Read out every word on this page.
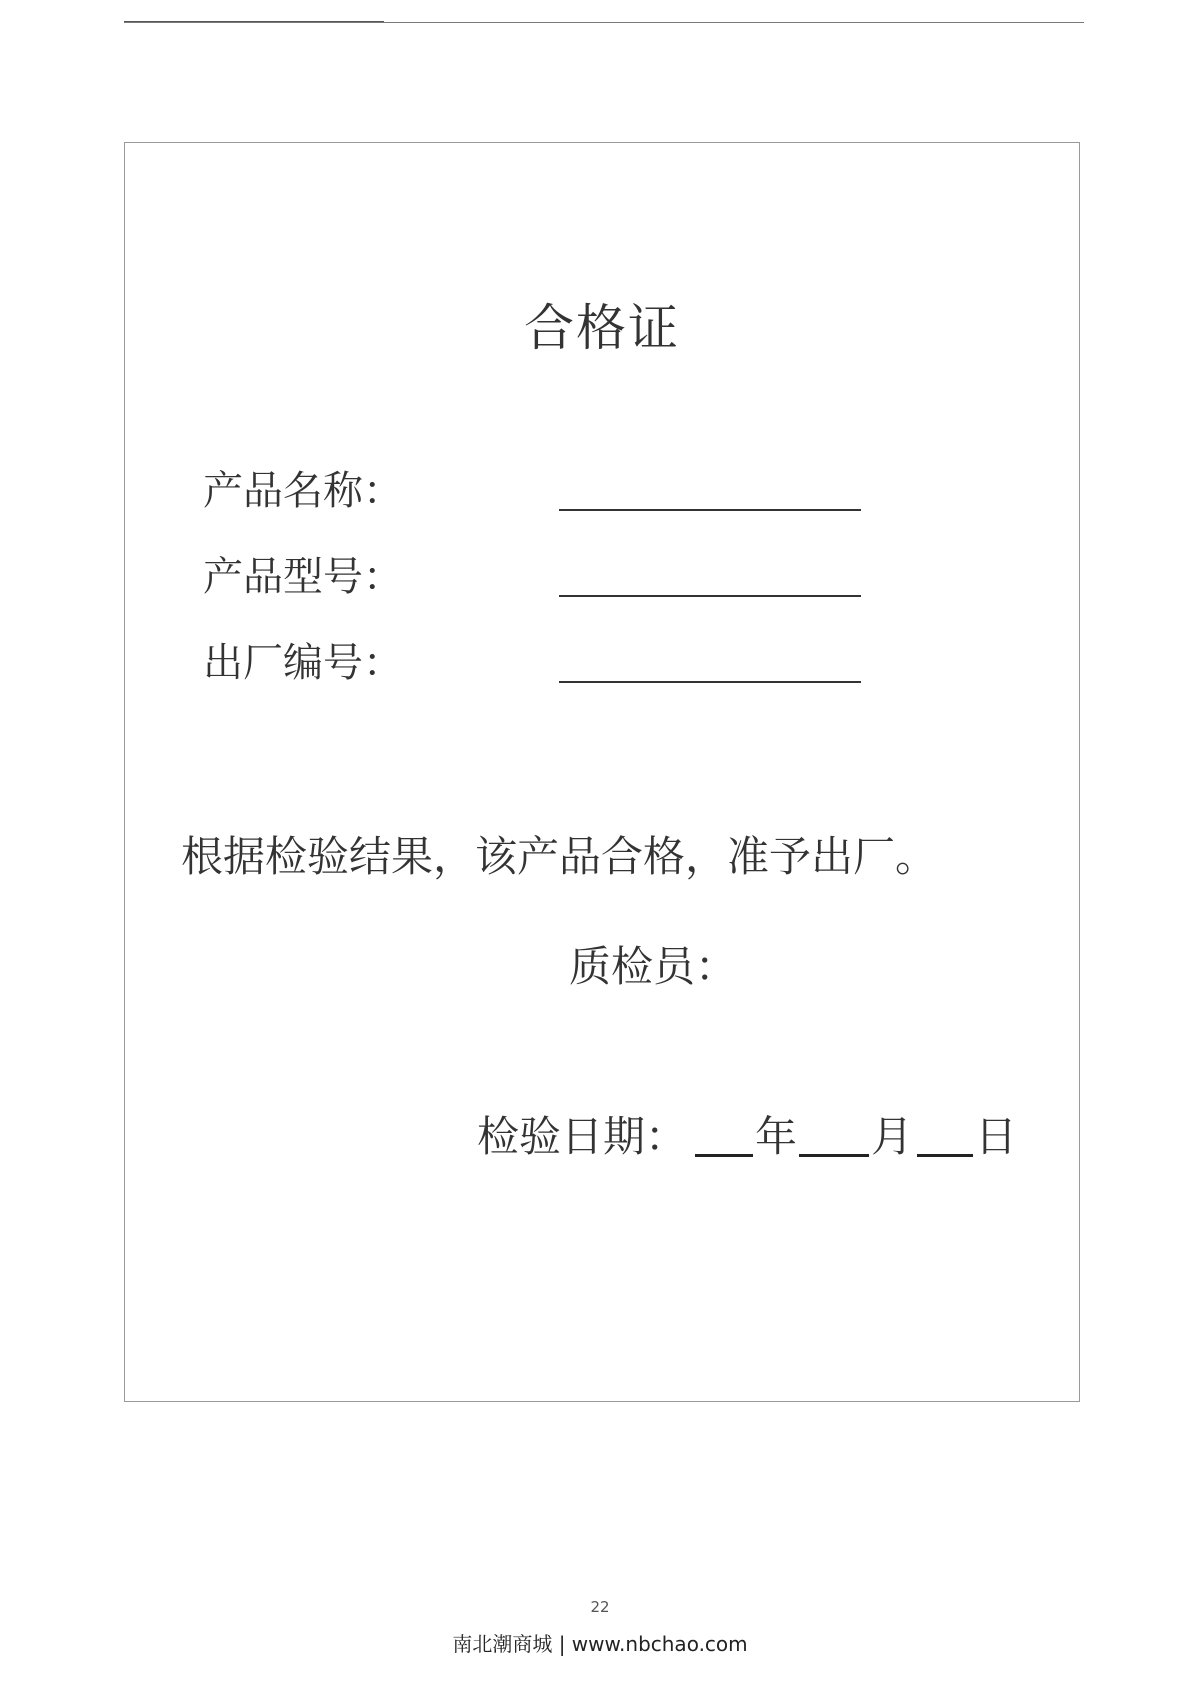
合格证
产品名称：
产品型号：
出厂编号：
根据检验结果，该产品合格，准予出厂。
质检员：
检验日期： 年 月 日
22
南北潮商城 | www.nbchao.com
